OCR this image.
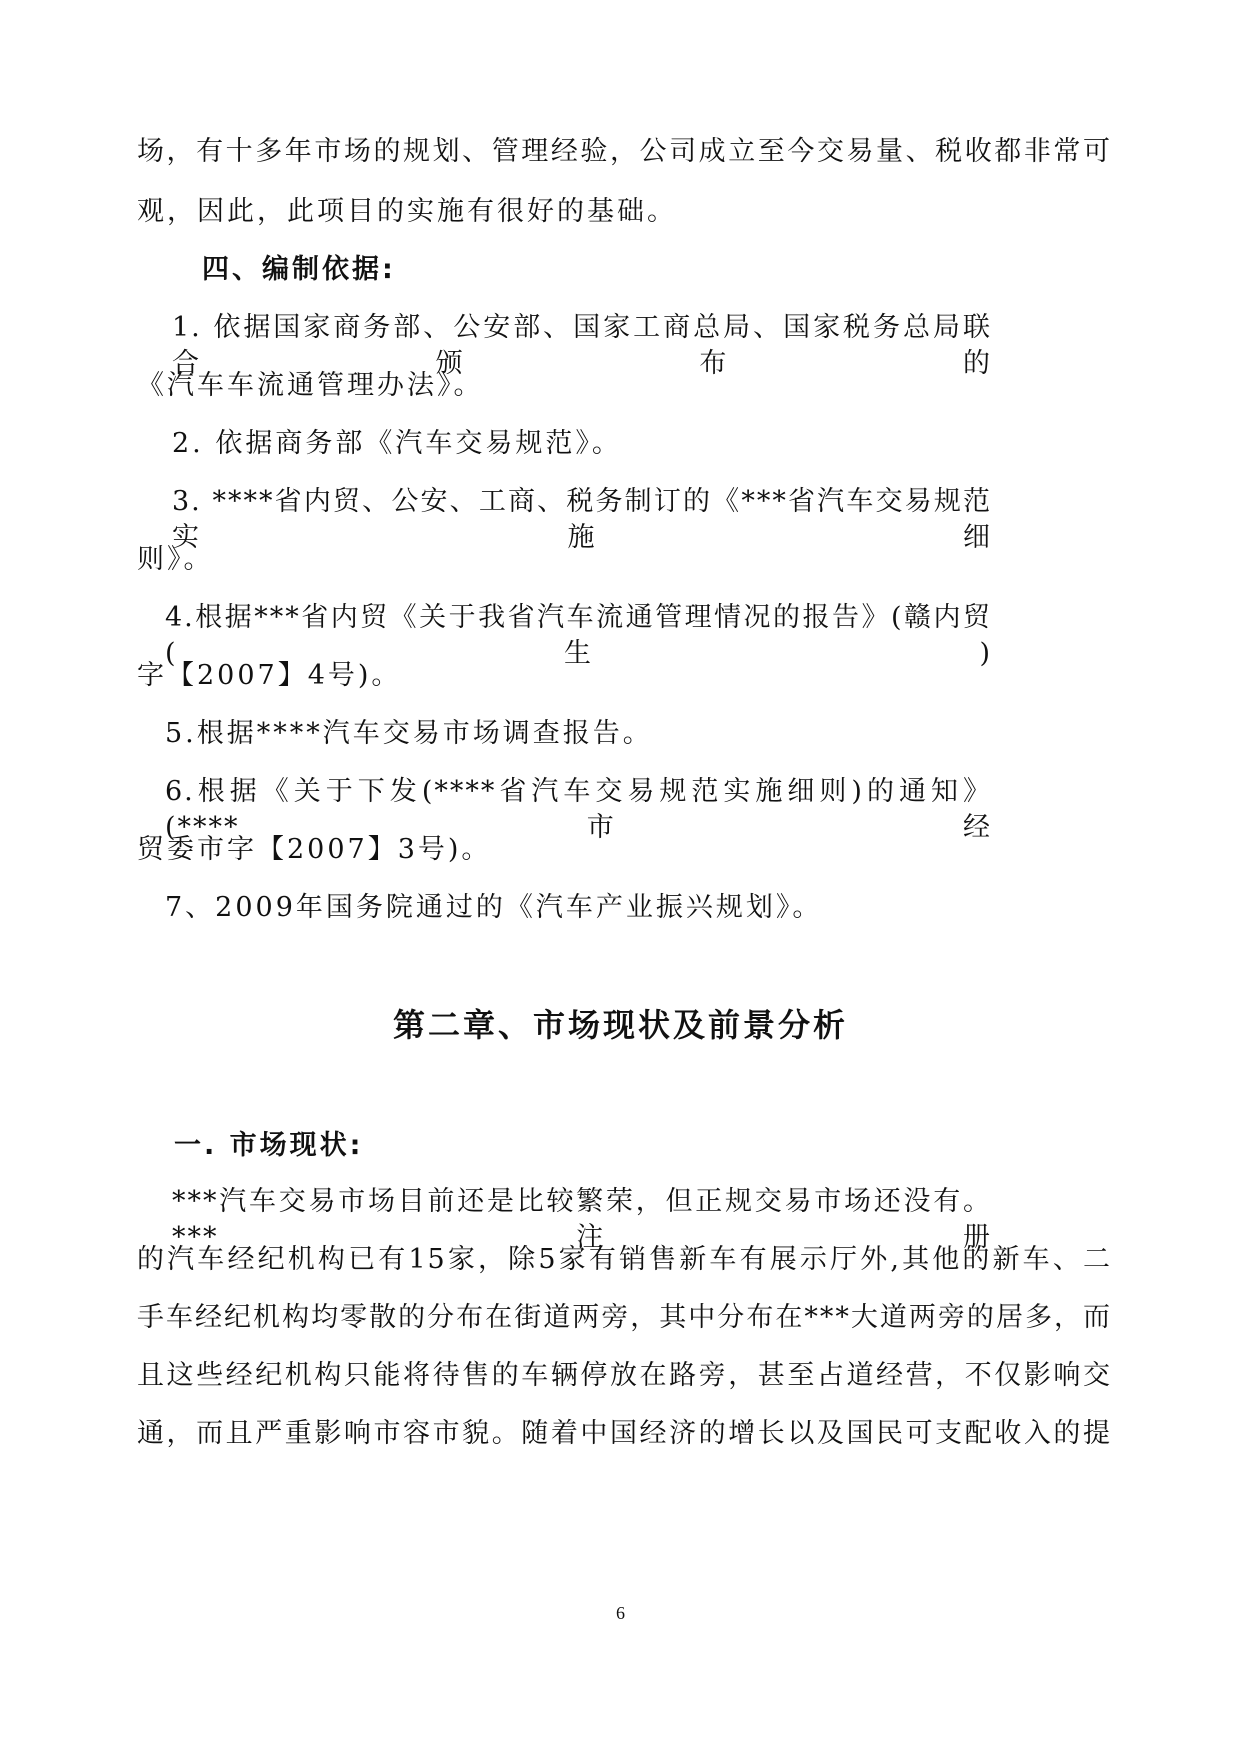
场，有十多年市场的规划、管理经验，公司成立至今交易量、税收都非常可
观，因此，此项目的实施有很好的基础。
四、编制依据:
1. 依据国家商务部、公安部、国家工商总局、国家税务总局联合颁布的
《汽车车流通管理办法》。
2. 依据商务部《汽车交易规范》。
3. ****省内贸、公安、工商、税务制订的《***省汽车交易规范实施细
则》。
4.根据***省内贸《关于我省汽车流通管理情况的报告》(赣内贸(生)
字【2007】4号)。
5.根据****汽车交易市场调查报告。
6.根据《关于下发(****省汽车交易规范实施细则)的通知》(****市经
贸委市字【2007】3号)。
7、2009年国务院通过的《汽车产业振兴规划》。
第二章、市场现状及前景分析
一. 市场现状:
***汽车交易市场目前还是比较繁荣，但正规交易市场还没有。***注册
的汽车经纪机构已有15家，除5家有销售新车有展示厅外,其他的新车、二
手车经纪机构均零散的分布在街道两旁，其中分布在***大道两旁的居多，而
且这些经纪机构只能将待售的车辆停放在路旁，甚至占道经营，不仅影响交
通，而且严重影响市容市貌。随着中国经济的增长以及国民可支配收入的提
6
